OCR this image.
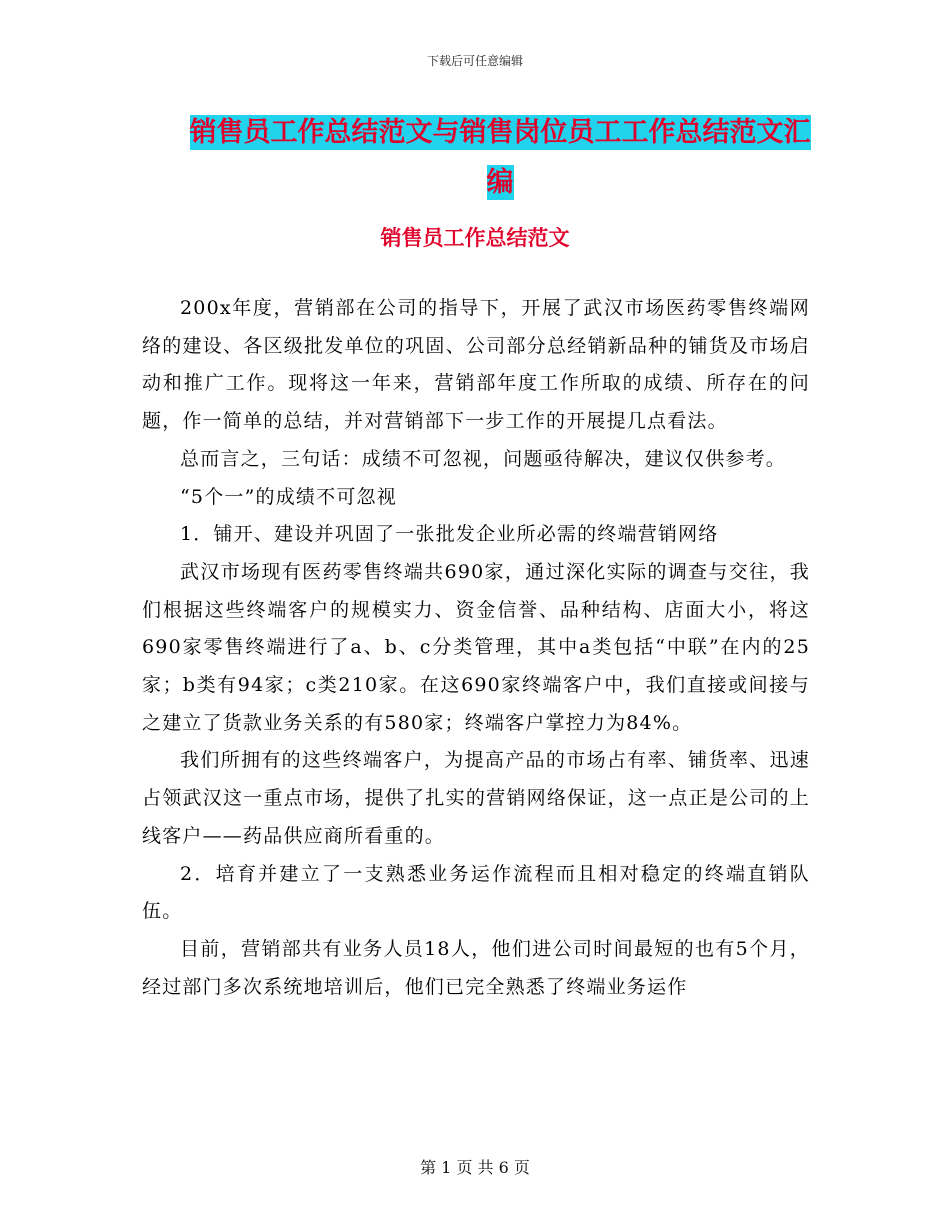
下载后可任意编辑
销售员工作总结范文与销售岗位员工工作总结范文汇
编
销售员工作总结范文

200x年度，营销部在公司的指导下，开展了武汉市场医药零售终端网络的建设、各区级批发单位的巩固、公司部分总经销新品种的铺货及市场启动和推广工作。现将这一年来，营销部年度工作所取的成绩、所存在的问题，作一简单的总结，并对营销部下一步工作的开展提几点看法。

总而言之，三句话：成绩不可忽视，问题亟待解决，建议仅供参考。

“5个一”的成绩不可忽视

1．铺开、建设并巩固了一张批发企业所必需的终端营销网络

武汉市场现有医药零售终端共690家，通过深化实际的调查与交往，我们根据这些终端客户的规模实力、资金信誉、品种结构、店面大小，将这690家零售终端进行了a、b、c分类管理，其中a类包括“中联”在内的25家；b类有94家；c类210家。在这690家终端客户中，我们直接或间接与之建立了货款业务关系的有580家；终端客户掌控力为84%。

我们所拥有的这些终端客户，为提高产品的市场占有率、铺货率、迅速占领武汉这一重点市场，提供了扎实的营销网络保证，这一点正是公司的上线客户——药品供应商所看重的。

2．培育并建立了一支熟悉业务运作流程而且相对稳定的终端直销队伍。

目前，营销部共有业务人员18人，他们进公司时间最短的也有5个月，经过部门多次系统地培训后，他们已完全熟悉了终端业务运作

第 1 页 共 6 页
